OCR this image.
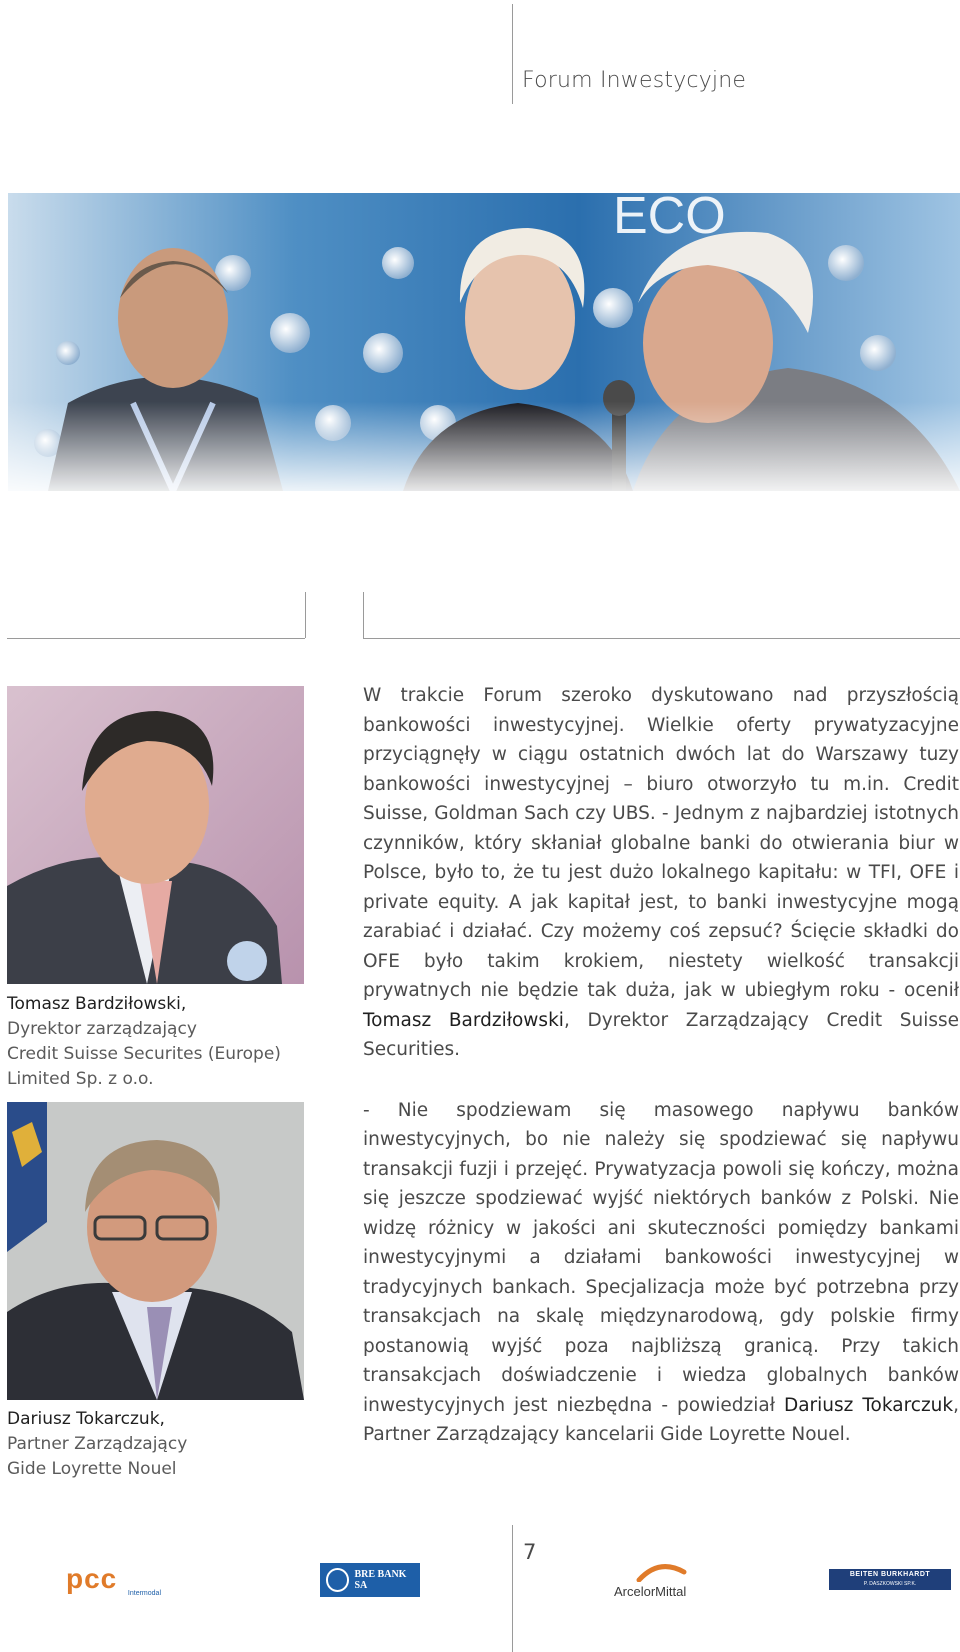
Forum Inwestycyjne
Tomasz Bardziłowski,
Dyrektor zarządzający
Credit Suisse Securites (Europe)
Limited Sp. z o.o.
Dariusz Tokarczuk,
Partner Zarządzający
Gide Loyrette Nouel

W trakcie Forum szeroko dyskutowano nad przyszłością bankowości inwestycyjnej. Wielkie oferty prywatyzacyjne przyciągnęły w ciągu ostatnich dwóch lat do Warszawy tuzy bankowości inwestycyjnej – biuro otworzyło tu m.in. Credit Suisse, Goldman Sach czy UBS. - Jednym z najbardziej istotnych czynników, który skłaniał globalne banki do otwierania biur w Polsce, było to, że tu jest dużo lokalnego kapitału: w TFI, OFE i private equity. A jak kapitał jest, to banki inwestycyjne mogą zarabiać i działać. Czy możemy coś zepsuć? Ścięcie składki do OFE było takim krokiem, niestety wielkość transakcji prywatnych nie będzie tak duża, jak w ubiegłym roku - ocenił Tomasz Bardziłowski, Dyrektor Zarządzający Credit Suisse Securities.

- Nie spodziewam się masowego napływu banków inwestycyjnych, bo nie należy się spodziewać się napływu transakcji fuzji i przejęć. Prywatyzacja powoli się kończy, można się jeszcze spodziewać wyjść niektórych banków z Polski. Nie widzę różnicy w jakości ani skuteczności pomiędzy bankami inwestycyjnymi a działami bankowości inwestycyjnej w tradycyjnych bankach. Specjalizacja może być potrzebna przy transakcjach na skalę międzynarodową, gdy polskie firmy postanowią wyjść poza najbliższą granicą. Przy takich transakcjach doświadczenie i wiedza globalnych banków inwestycyjnych jest niezbędna - powiedział Dariusz Tokarczuk, Partner Zarządzający kancelarii Gide Loyrette Nouel.

7
pcc	Intermodal
BRE BANK SA	ArcelorMittal
BEITEN BURKHARDT
P. DASZKOWSKI SP.K.
